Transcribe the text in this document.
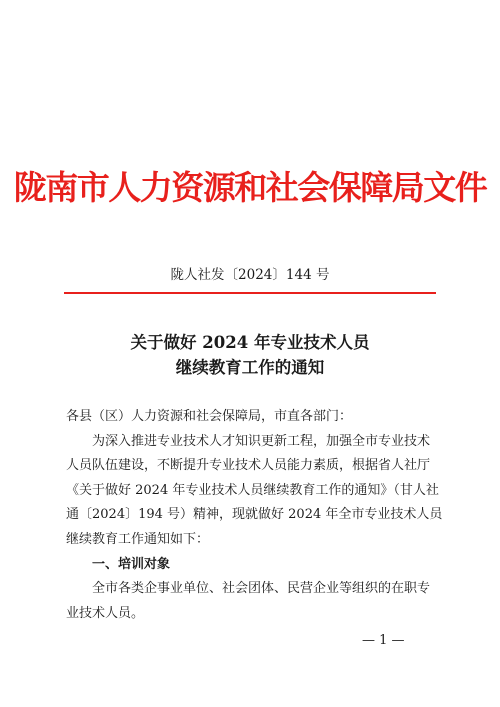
陇南市人力资源和社会保障局文件
陇人社发〔2024〕144 号
关于做好 2024 年专业技术人员
继续教育工作的通知

各县（区）人力资源和社会保障局，市直各部门：

为深入推进专业技术人才知识更新工程，加强全市专业技术
人员队伍建设，不断提升专业技术人员能力素质，根据省人社厅
《关于做好 2024 年专业技术人员继续教育工作的通知》（甘人社
通〔2024〕194 号）精神，现就做好 2024 年全市专业技术人员
继续教育工作通知如下：

一、培训对象

全市各类企事业单位、社会团体、民营企业等组织的在职专
业技术人员。

— 1 —
